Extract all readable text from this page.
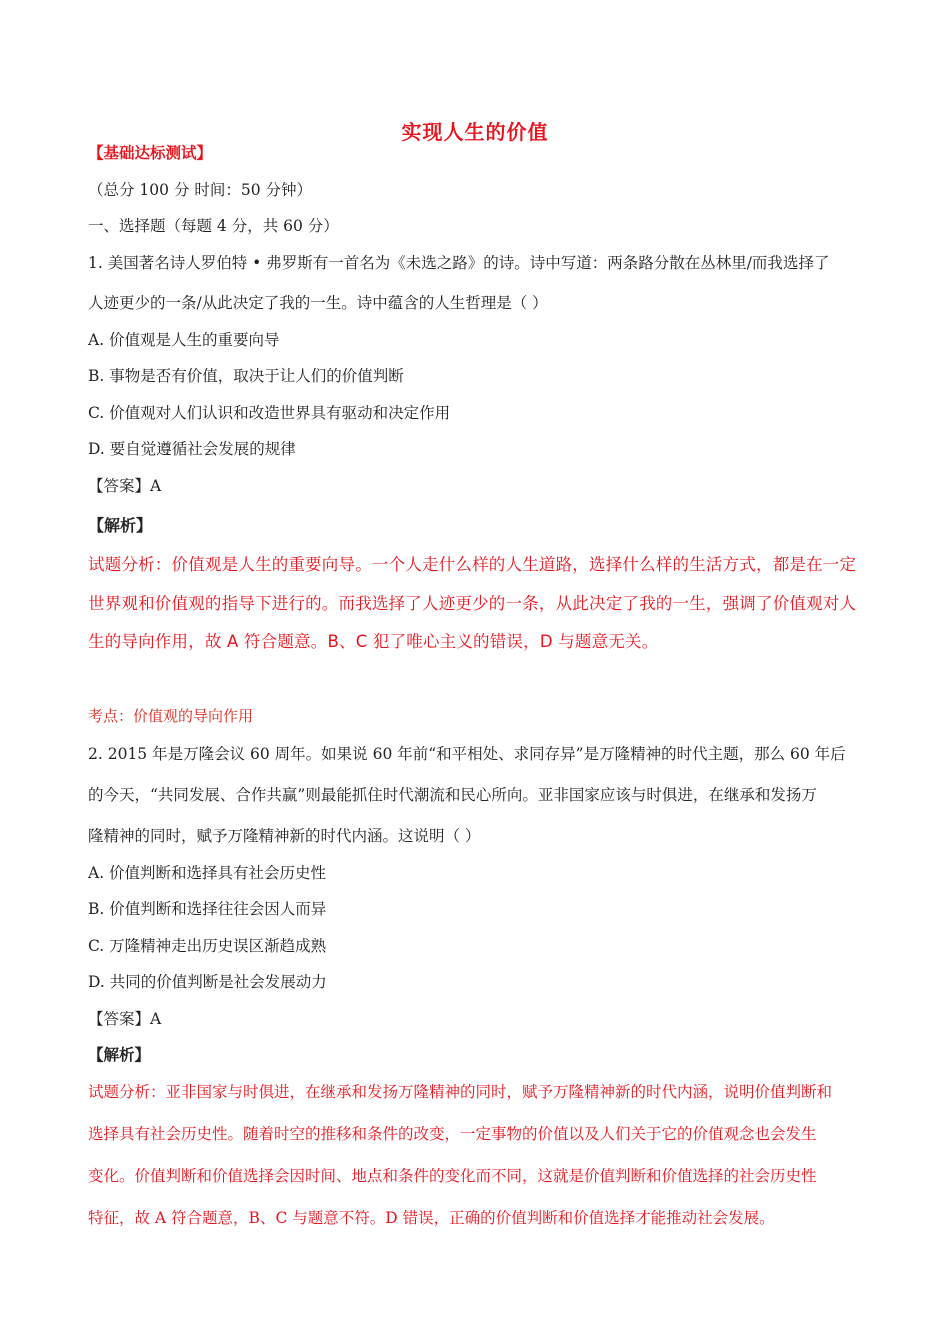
实现人生的价值
【基础达标测试】
（总分 100 分 时间：50 分钟）
一、选择题（每题 4 分，共 60 分）
1. 美国著名诗人罗伯特 • 弗罗斯有一首名为《未选之路》的诗。诗中写道：两条路分散在丛林里/而我选择了
人迹更少的一条/从此决定了我的一生。诗中蕴含的人生哲理是（ ）
A. 价值观是人生的重要向导
B. 事物是否有价值，取决于让人们的价值判断
C. 价值观对人们认识和改造世界具有驱动和决定作用
D. 要自觉遵循社会发展的规律
【答案】A
【解析】
试题分析：价值观是人生的重要向导。一个人走什么样的人生道路，选择什么样的生活方式，都是在一定
世界观和价值观的指导下进行的。而我选择了人迹更少的一条，从此决定了我的一生，强调了价值观对人
生的导向作用，故 A 符合题意。B、C 犯了唯心主义的错误，D 与题意无关。
考点：价值观的导向作用
2. 2015 年是万隆会议 60 周年。如果说 60 年前“和平相处、求同存异”是万隆精神的时代主题，那么 60 年后
的今天，“共同发展、合作共赢”则最能抓住时代潮流和民心所向。亚非国家应该与时俱进，在继承和发扬万
隆精神的同时，赋予万隆精神新的时代内涵。这说明（ ）
A. 价值判断和选择具有社会历史性
B. 价值判断和选择往往会因人而异
C. 万隆精神走出历史误区渐趋成熟
D. 共同的价值判断是社会发展动力
【答案】A
【解析】
试题分析：亚非国家与时俱进，在继承和发扬万隆精神的同时，赋予万隆精神新的时代内涵，说明价值判断和
选择具有社会历史性。随着时空的推移和条件的改变，一定事物的价值以及人们关于它的价值观念也会发生
变化。价值判断和价值选择会因时间、地点和条件的变化而不同，这就是价值判断和价值选择的社会历史性
特征，故 A 符合题意，B、C 与题意不符。D 错误，正确的价值判断和价值选择才能推动社会发展。
